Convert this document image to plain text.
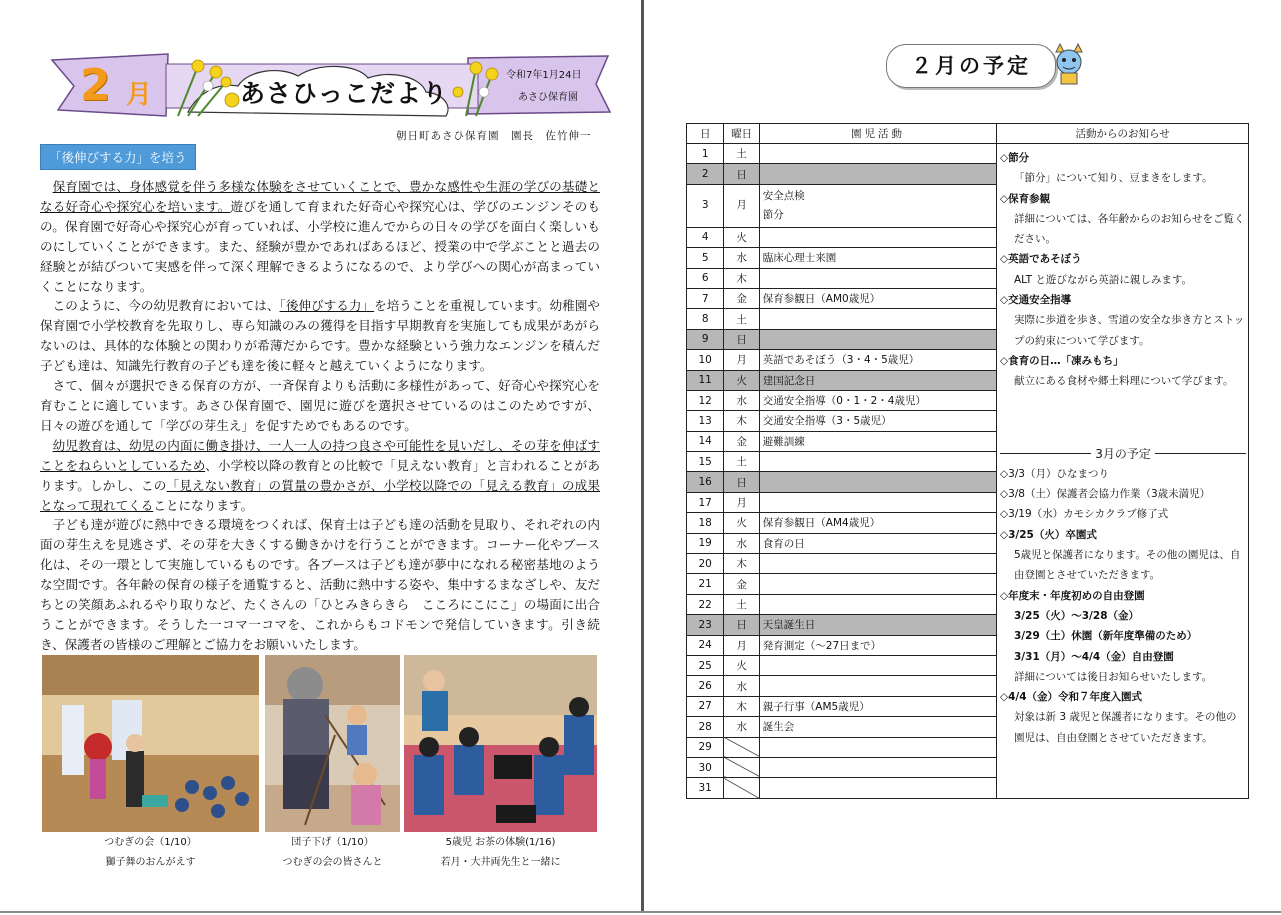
2 月	あさひっこだより
令和7年1月24日
あさひ保育園
朝日町あさひ保育園　園長　佐竹伸一
「後伸びする力」を培う

保育園では、身体感覚を伴う多様な体験をさせていくことで、豊かな感性や生涯の学びの基礎となる好奇心や探究心を培います。遊びを通して育まれた好奇心や探究心は、学びのエンジンそのもの。保育園で好奇心や探究心が育っていれば、小学校に進んでからの日々の学びを面白く楽しいものにしていくことができます。また、経験が豊かであればあるほど、授業の中で学ぶことと過去の経験とが結びついて実感を伴って深く理解できるようになるので、より学びへの関心が高まっていくことになります。

このように、今の幼児教育においては、「後伸びする力」を培うことを重視しています。幼稚園や保育園で小学校教育を先取りし、専ら知識のみの獲得を目指す早期教育を実施しても成果があがらないのは、具体的な体験との関わりが希薄だからです。豊かな経験という強力なエンジンを積んだ子ども達は、知識先行教育の子ども達を後に軽々と越えていくようになります。

さて、個々が選択できる保育の方が、一斉保育よりも活動に多様性があって、好奇心や探究心を育むことに適しています。あさひ保育園で、園児に遊びを選択させているのはこのためですが、日々の遊びを通して「学びの芽生え」を促すためでもあるのです。

幼児教育は、幼児の内面に働き掛け、一人一人の持つ良さや可能性を見いだし、その芽を伸ばすことをねらいとしているため、小学校以降の教育との比較で「見えない教育」と言われることがあります。しかし、この「見えない教育」の質量の豊かさが、小学校以降での「見える教育」の成果となって現れてくることになります。

子ども達が遊びに熱中できる環境をつくれば、保育士は子ども達の活動を見取り、それぞれの内面の芽生えを見逃さず、その芽を大きくする働きかけを行うことができます。コーナー化やブース化は、その一環として実施しているものです。各ブースは子ども達が夢中になれる秘密基地のような空間です。各年齢の保育の様子を通覧すると、活動に熱中する姿や、集中するまなざしや、友だちとの笑顔あふれるやり取りなど、たくさんの「ひとみきらきら　こころにこにこ」の場面に出合うことができます。そうした一コマ一コマを、これからもコドモンで発信していきます。引き続き、保護者の皆様のご理解とご協力をお願いいたします。

つむぎの会（1/10）
獅子舞のおんがえす
団子下げ（1/10）
つむぎの会の皆さんと
5歳児 お茶の体験(1/16)
若月・大井両先生と一緒に
２月の予定
日	曜日	園児活動	活動からのお知らせ
1	土		
2	日		
3	月	安全点検
節分	
4	火		
5	水	臨床心理士来園	
6	木		
7	金	保育参観日（AM0歳児）	
8	土		
9	日		
10	月	英語であそぼう（3・4・5歳児）	
11	火	建国記念日	
12	水	交通安全指導（0・1・2・4歳児）	
13	木	交通安全指導（3・5歳児）	
14	金	避難訓練	
15	土		
16	日		
17	月		
18	火	保育参観日（AM4歳児）	
19	水	食育の日	
20	木		
21	金		
22	土		
23	日	天皇誕生日	
24	月	発育測定（～27日まで）	
25	火		
26	水		
27	木	親子行事（AM5歳児）	
28	水	誕生会	
29			
30			
31			
◇節分
「節分」について知り、豆まきをします。
◇保育参観
詳細については、各年齢からのお知らせをご覧ください。
◇英語であそぼう
ALT と遊びながら英語に親しみます。
◇交通安全指導
実際に歩道を歩き、雪道の安全な歩き方とストップの約束について学びます。
◇食育の日…「凍みもち」
献立にある食材や郷土料理について学びます。
3月の予定
◇3/3（月）ひなまつり
◇3/8（土）保護者会協力作業（3歳未満児）
◇3/19（水）カモシカクラブ修了式
◇3/25（火）卒園式
5歳児と保護者になります。その他の園児は、自由登園とさせていただきます。
◇年度末・年度初めの自由登園
3/25（火）～3/28（金）
3/29（土）休園（新年度準備のため）
3/31（月）～4/4（金）自由登園
詳細については後日お知らせいたします。
◇4/4（金）令和７年度入園式
対象は新 3 歳児と保護者になります。その他の園児は、自由登園とさせていただきます。
